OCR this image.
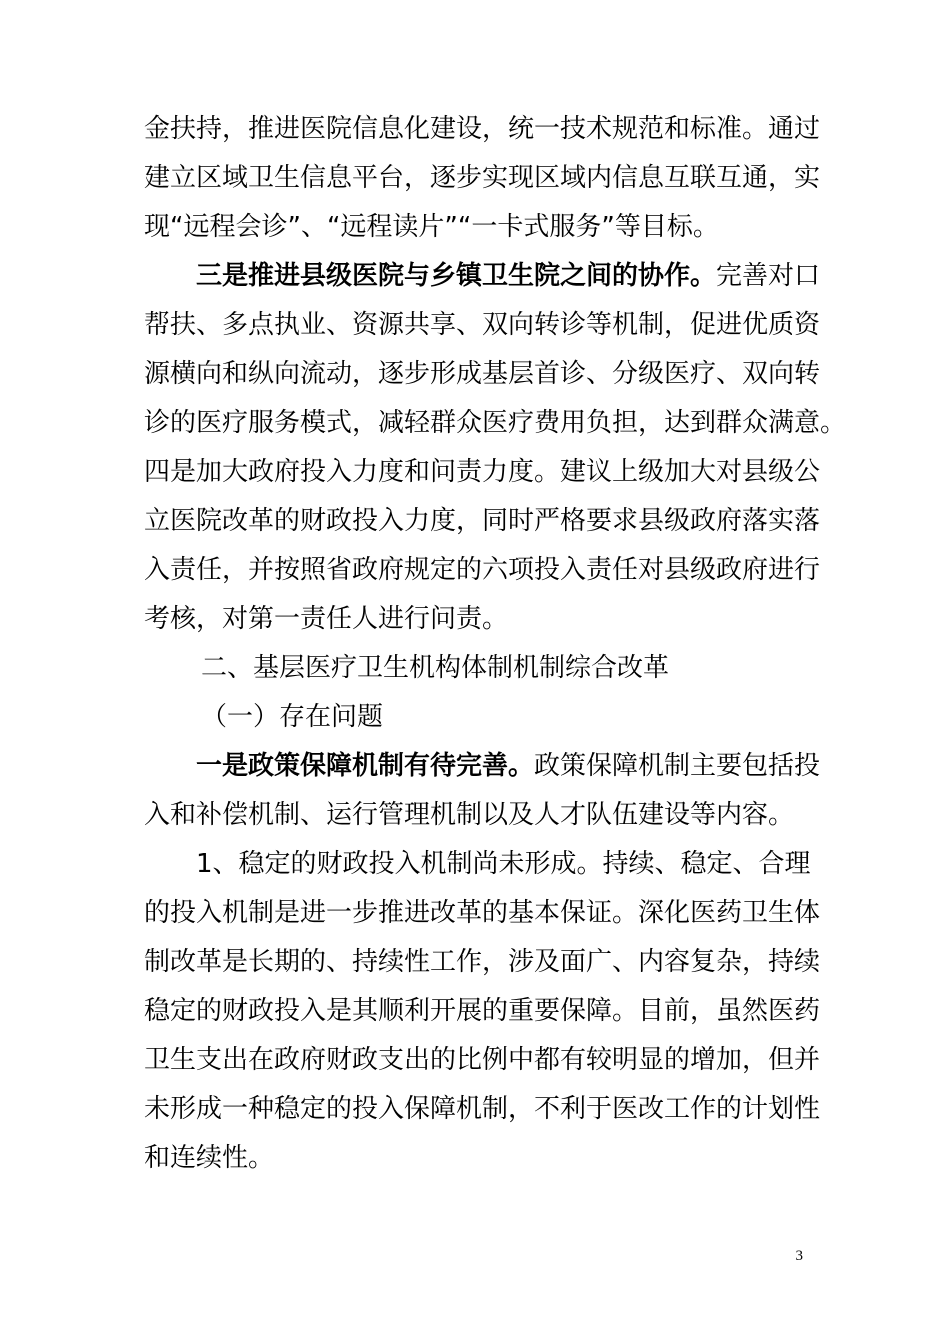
金扶持，推进医院信息化建设，统一技术规范和标准。通过
建立区域卫生信息平台，逐步实现区域内信息互联互通，实
现“远程会诊”、“远程读片”“一卡式服务”等目标。
三是推进县级医院与乡镇卫生院之间的协作。完善对口
帮扶、多点执业、资源共享、双向转诊等机制，促进优质资
源横向和纵向流动，逐步形成基层首诊、分级医疗、双向转
诊的医疗服务模式，减轻群众医疗费用负担，达到群众满意。
四是加大政府投入力度和问责力度。建议上级加大对县级公
立医院改革的财政投入力度，同时严格要求县级政府落实落
入责任，并按照省政府规定的六项投入责任对县级政府进行
考核，对第一责任人进行问责。
二、基层医疗卫生机构体制机制综合改革
（一）存在问题
一是政策保障机制有待完善。政策保障机制主要包括投
入和补偿机制、运行管理机制以及人才队伍建设等内容。
1、稳定的财政投入机制尚未形成。持续、稳定、合理
的投入机制是进一步推进改革的基本保证。深化医药卫生体
制改革是长期的、持续性工作，涉及面广、内容复杂，持续
稳定的财政投入是其顺利开展的重要保障。目前，虽然医药
卫生支出在政府财政支出的比例中都有较明显的增加，但并
未形成一种稳定的投入保障机制，不利于医改工作的计划性
和连续性。
3
